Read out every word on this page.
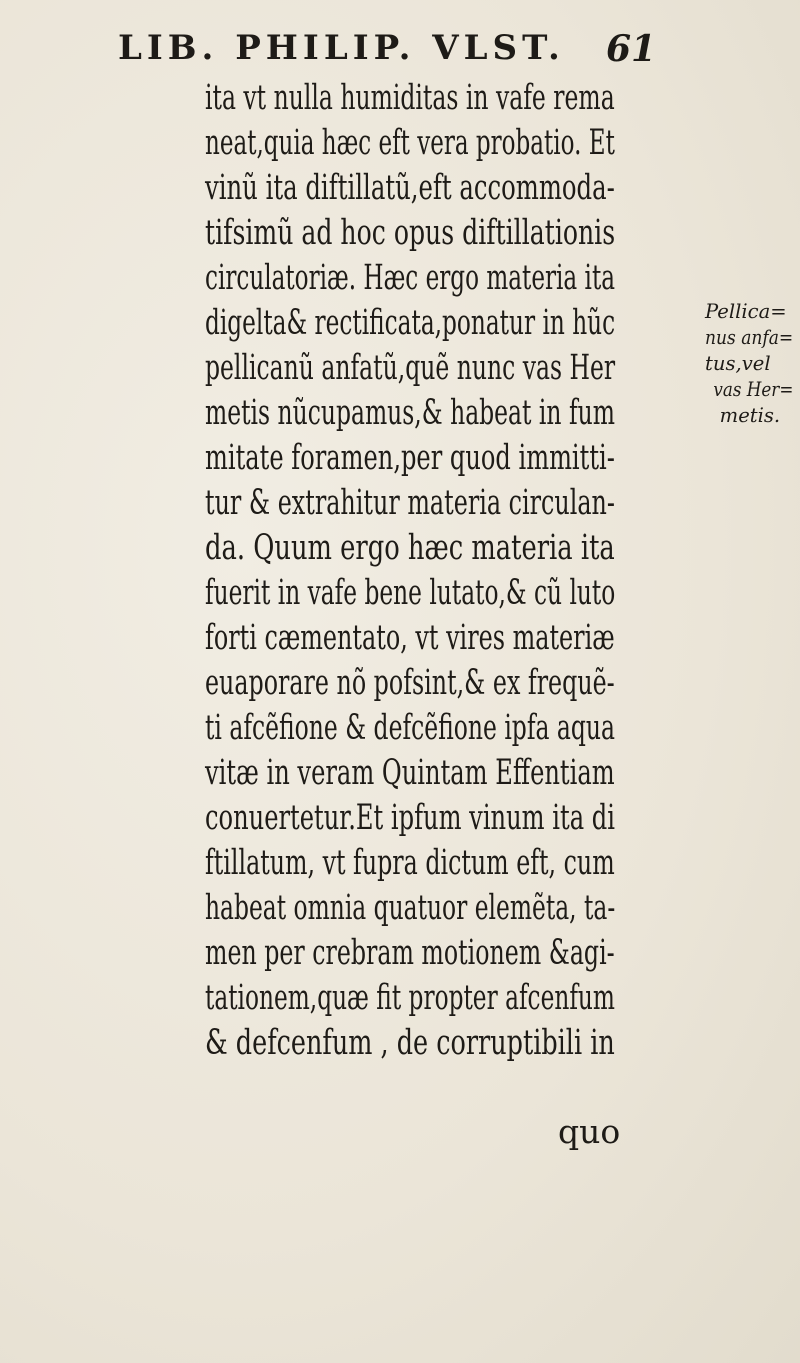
LIB. PHILIP. VLST. 61
ita vt nulla humiditas in vafe rema
neat,quia hæc eft vera probatio. Et
vinũ ita diftillatũ,eft accommoda-
tifsimũ ad hoc opus diftillationis
circulatoriæ. Hæc ergo materia ita
digelta& rectificata,ponatur in hũc
pellicanũ anfatũ,quẽ nunc vas Her
metis nũcupamus,& habeat in fum
mitate foramen,per quod immitti-
tur & extrahitur materia circulan-
da. Quum ergo hæc materia ita
fuerit in vafe bene lutato,& cũ luto
forti cæmentato, vt vires materiæ
euaporare nõ pofsint,& ex frequẽ-
ti afcẽfione & defcẽfione ipfa aqua
vitæ in veram Quintam Effentiam
conuertetur.Et ipfum vinum ita di
ftillatum, vt fupra dictum eft, cum
habeat omnia quatuor elemẽta, ta-
men per crebram motionem &agi-
tationem,quæ fit propter afcenfum
& defcenfum , de corruptibili in
quo
Pellica=
nus anfa=
tus,vel
vas Her=
metis.
